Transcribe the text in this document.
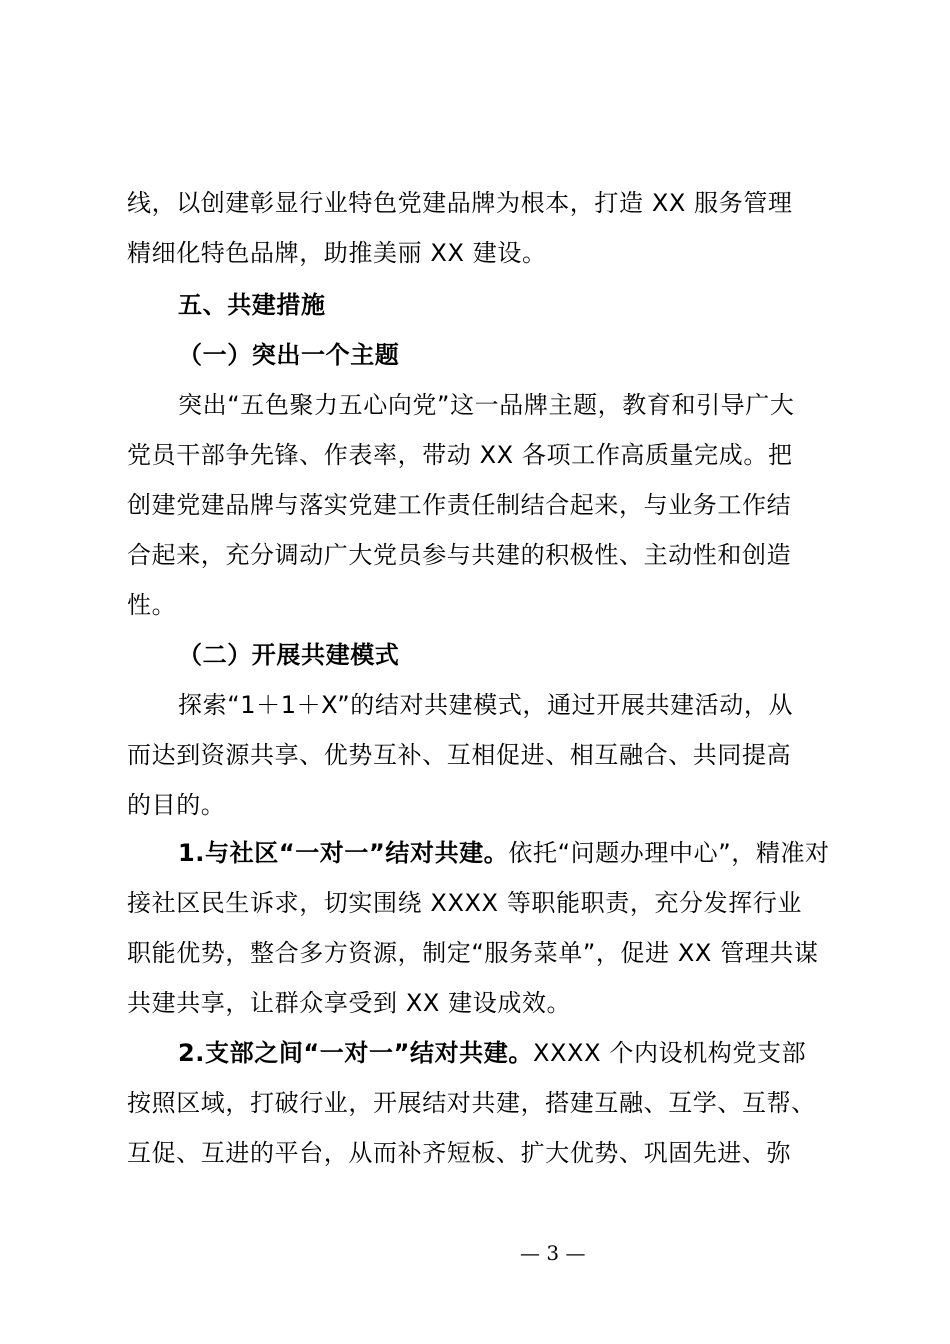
线，以创建彰显行业特色党建品牌为根本，打造 XX 服务管理
精细化特色品牌，助推美丽 XX 建设。
五、共建措施
（一）突出一个主题
突出“五色聚力五心向党”这一品牌主题，教育和引导广大
党员干部争先锋、作表率，带动 XX 各项工作高质量完成。把
创建党建品牌与落实党建工作责任制结合起来，与业务工作结
合起来，充分调动广大党员参与共建的积极性、主动性和创造
性。
（二）开展共建模式
探索“1＋1＋X”的结对共建模式，通过开展共建活动，从
而达到资源共享、优势互补、互相促进、相互融合、共同提高
的目的。
1.与社区“一对一”结对共建。依托“问题办理中心”，精准对
接社区民生诉求，切实围绕 XXXX 等职能职责，充分发挥行业
职能优势，整合多方资源，制定“服务菜单”，促进 XX 管理共谋
共建共享，让群众享受到 XX 建设成效。
2.支部之间“一对一”结对共建。XXXX 个内设机构党支部
按照区域，打破行业，开展结对共建，搭建互融、互学、互帮、
互促、互进的平台，从而补齐短板、扩大优势、巩固先进、弥
— 3 —
